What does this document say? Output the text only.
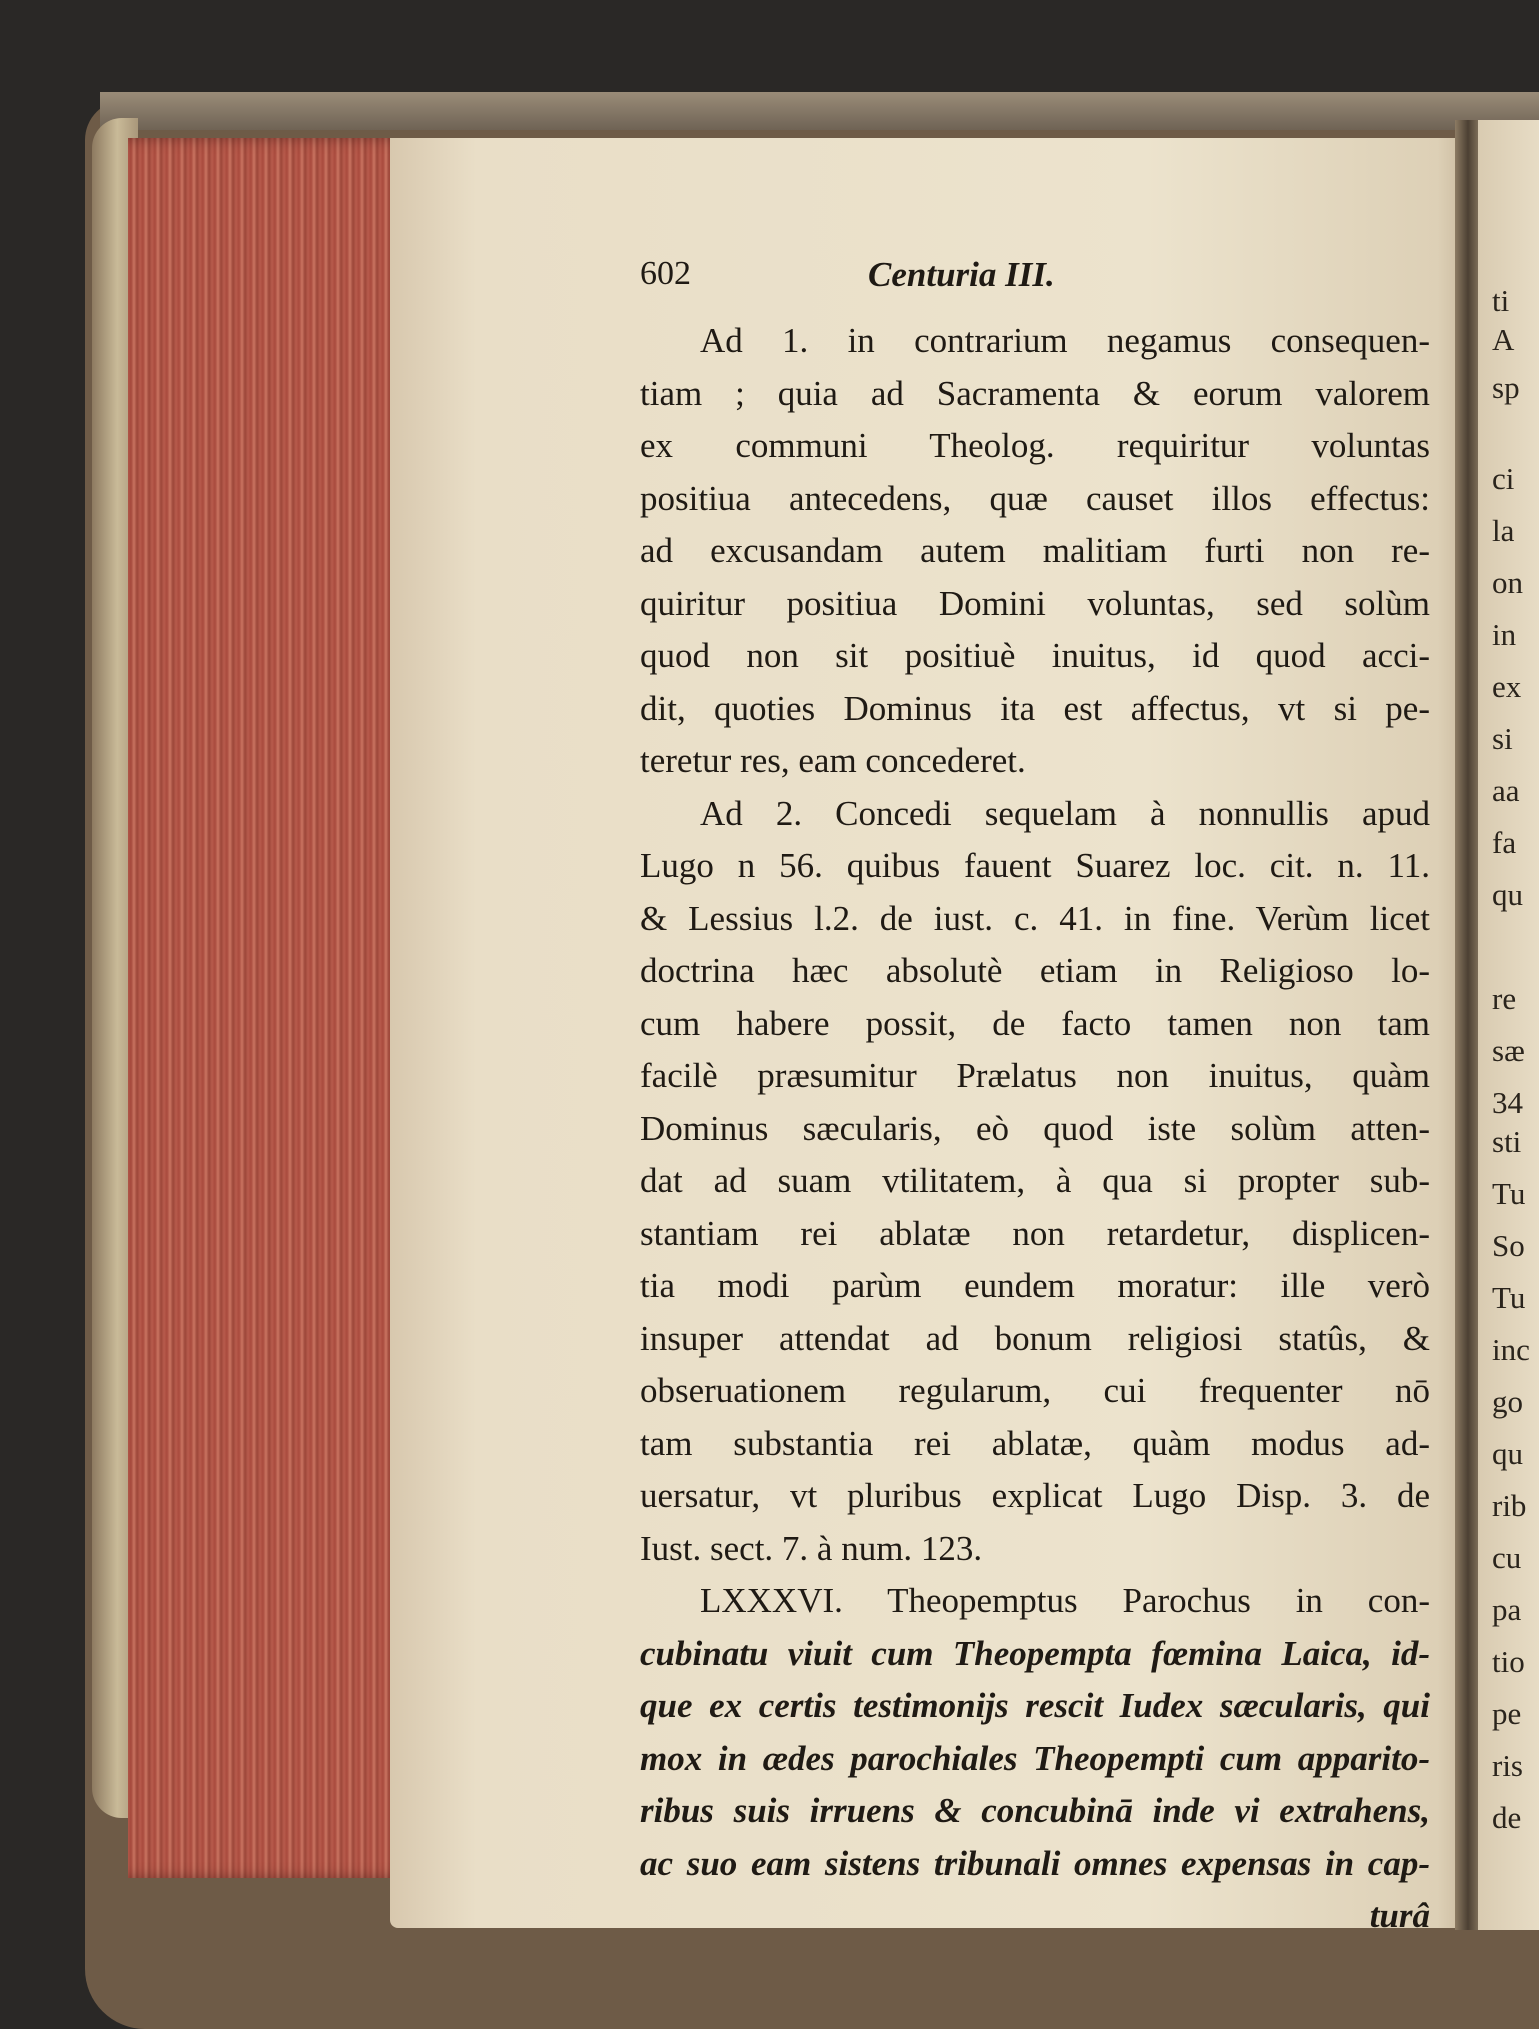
ti
A
sp
ci
la
on
in
ex
si
aa
fa
qu
re
sæ
34
sti
Tu
So
Tu
inc
go
qu
rib
cu
pa
tio
pe
ris
de
602	Centuria III.
Ad 1. in contrarium negamus consequen-
tiam ; quia ad Sacramenta & eorum valorem
ex communi Theolog. requiritur voluntas
positiua antecedens, quæ causet illos effectus:
ad excusandam autem malitiam furti non re-
quiritur positiua Domini voluntas, sed solùm
quod non sit positiuè inuitus, id quod acci-
dit, quoties Dominus ita est affectus, vt si pe-
teretur res, eam concederet.
Ad 2. Concedi sequelam à nonnullis apud
Lugo n 56. quibus fauent Suarez loc. cit. n. 11.
& Lessius l.2. de iust. c. 41. in fine. Verùm licet
doctrina hæc absolutè etiam in Religioso lo-
cum habere possit, de facto tamen non tam
facilè præsumitur Prælatus non inuitus, quàm
Dominus sæcularis, eò quod iste solùm atten-
dat ad suam vtilitatem, à qua si propter sub-
stantiam rei ablatæ non retardetur, displicen-
tia modi parùm eundem moratur: ille verò
insuper attendat ad bonum religiosi statûs, &
obseruationem regularum, cui frequenter nō
tam substantia rei ablatæ, quàm modus ad-
uersatur, vt pluribus explicat Lugo Disp. 3. de
Iust. sect. 7. à num. 123.
LXXXVI. Theopemptus Parochus in con-
cubinatu viuit cum Theopempta fœmina Laica, id-
que ex certis testimonijs rescit Iudex sæcularis, qui
mox in ædes parochiales Theopempti cum apparito-
ribus suis irruens & concubinā inde vi extrahens,
ac suo eam sistens tribunali omnes expensas in cap-
turâ
